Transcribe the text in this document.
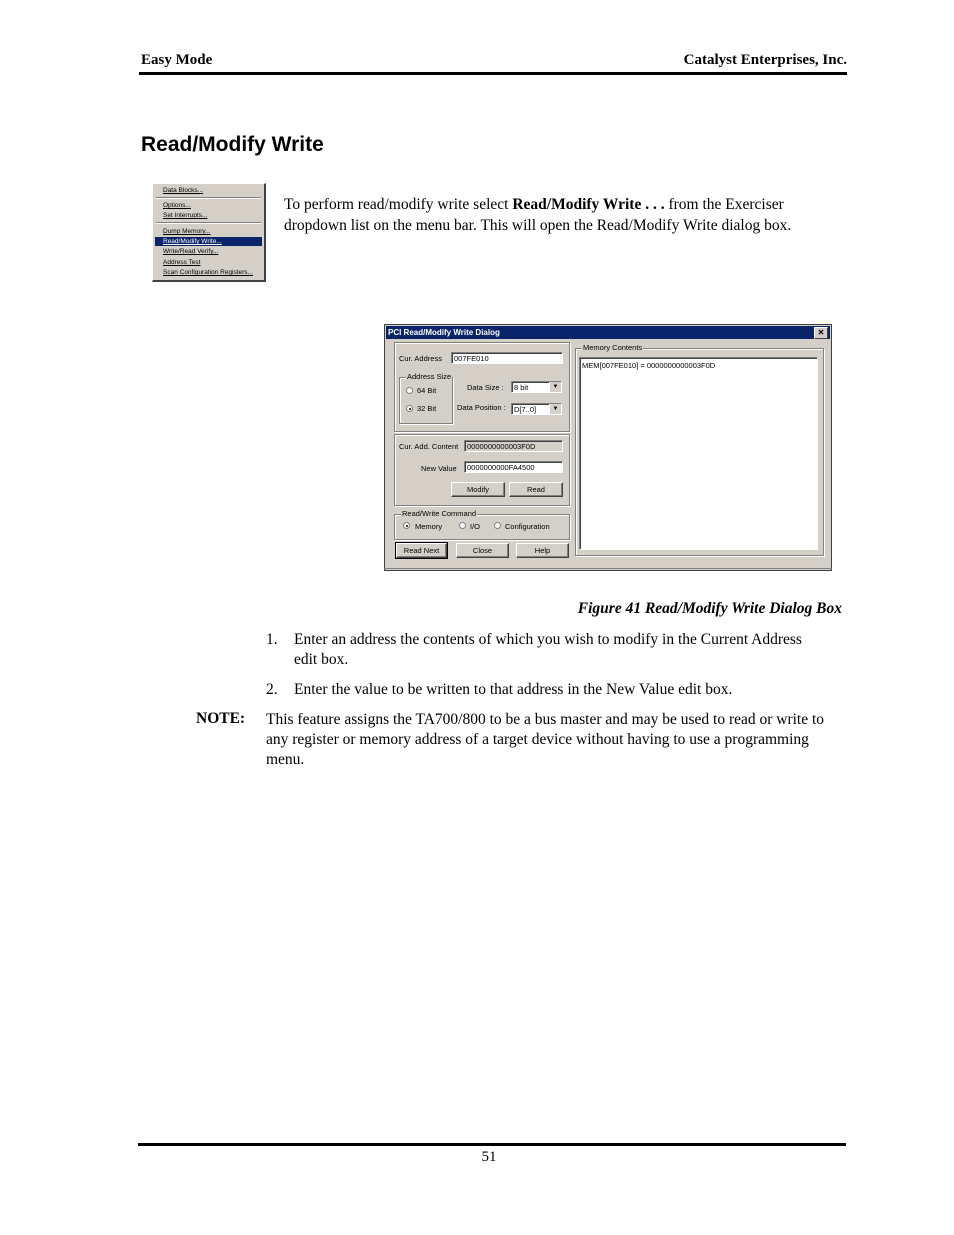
Easy Mode	Catalyst Enterprises, Inc.
Read/Modify Write
Data Blocks...
Options...
Set Interrupts...
Dump Memory...
Read/Modify Write...
Write/Read Verify...
Address Test
Scan Configuration Registers...
To perform read/modify write select Read/Modify Write . . . from the Exerciser dropdown list on the menu bar. This will open the Read/Modify Write dialog box.
PCI Read/Modify Write Dialog	✕
Cur. Address	007FE010
Address Size
64 Bit
32 Bit
Data Size :	8 bit	▼
Data Position :	D[7..0]	▼
Cur. Add. Content	0000000000003F0D
New Value	0000000000FA4500
Modify	Read
Read/Write Command
Memory	I/O	Configuration
Memory Contents
MEM[007FE010] = 0000000000003F0D
Read Next	Close	Help
Figure 41 Read/Modify Write Dialog Box
1. Enter an address the contents of which you wish to modify in the Current Address edit box.
2. Enter the value to be written to that address in the New Value edit box.
NOTE: This feature assigns the TA700/800 to be a bus master and may be used to read or write to any register or memory address of a target device without having to use a programming menu.
51
